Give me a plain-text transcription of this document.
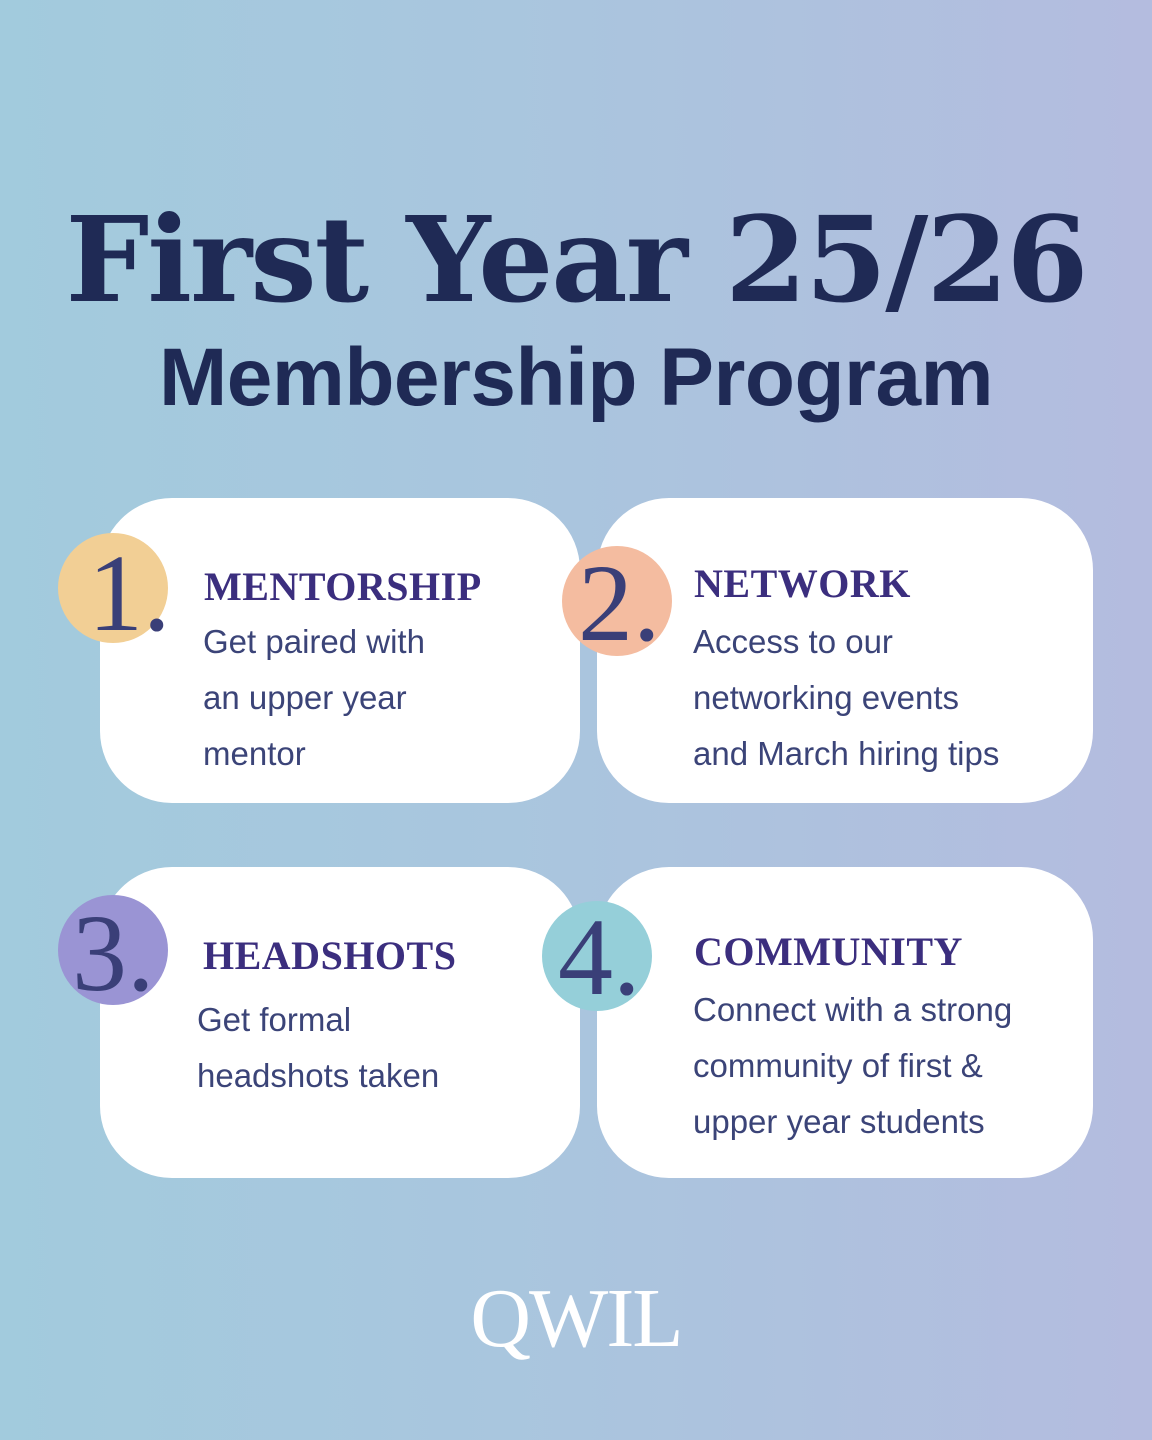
First Year 25/26
Membership Program
1.	2.
3.	4.
MENTORSHIP
Get paired with
an upper year
mentor
NETWORK
Access to our
networking events
and March hiring tips
HEADSHOTS
Get formal
headshots taken
COMMUNITY
Connect with a strong
community of first &
upper year students
QWIL
